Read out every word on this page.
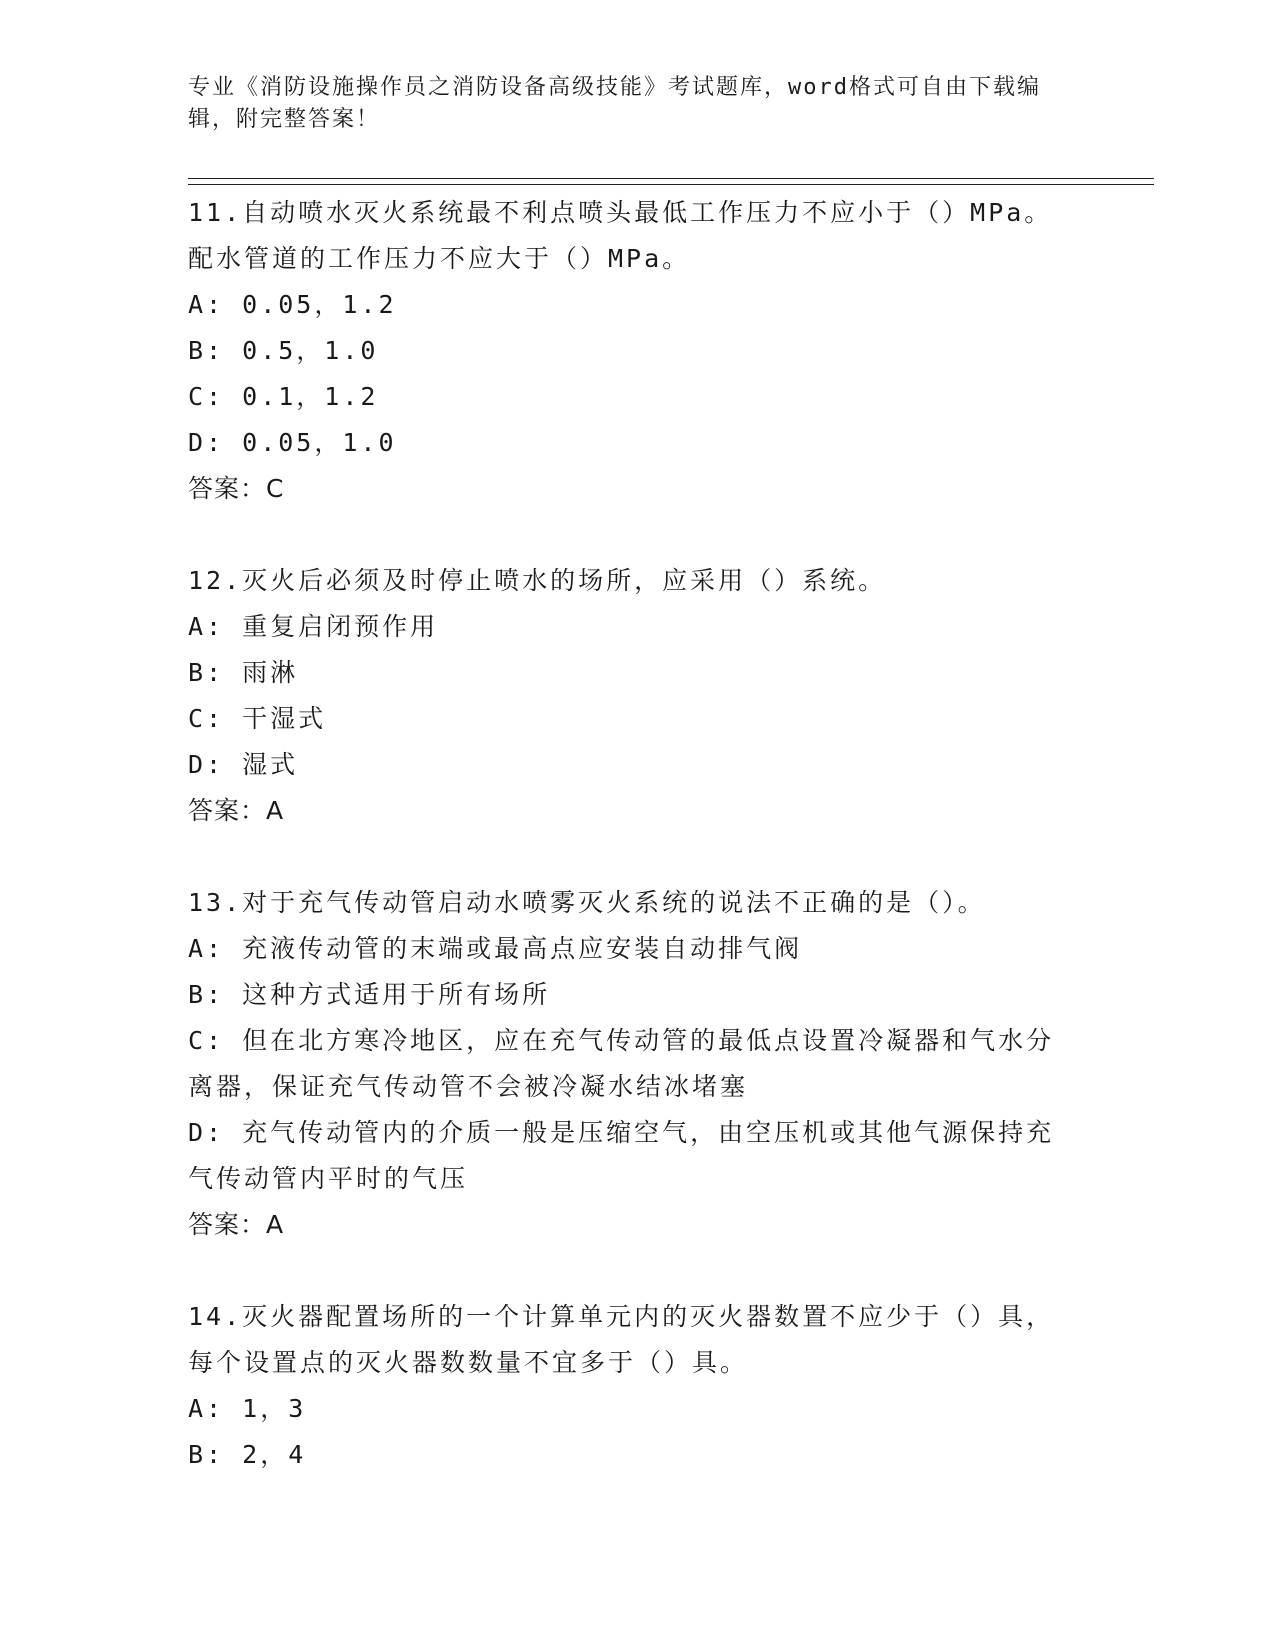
专业《消防设施操作员之消防设备高级技能》考试题库，word格式可自由下载编辑，附完整答案！
11.自动喷水灭火系统最不利点喷头最低工作压力不应小于（）MPa。配水管道的工作压力不应大于（）MPa。
A: 0.05，1.2
B: 0.5，1.0
C: 0.1，1.2
D: 0.05，1.0
答案：C
12.灭火后必须及时停止喷水的场所，应采用（）系统。
A: 重复启闭预作用
B: 雨淋
C: 干湿式
D: 湿式
答案：A
13.对于充气传动管启动水喷雾灭火系统的说法不正确的是（）。
A: 充液传动管的末端或最高点应安装自动排气阀
B: 这种方式适用于所有场所
C: 但在北方寒冷地区，应在充气传动管的最低点设置冷凝器和气水分离器，保证充气传动管不会被冷凝水结冰堵塞
D: 充气传动管内的介质一般是压缩空气，由空压机或其他气源保持充气传动管内平时的气压
答案：A
14.灭火器配置场所的一个计算单元内的灭火器数置不应少于（）具，每个设置点的灭火器数数量不宜多于（）具。
A: 1，3
B: 2，4
